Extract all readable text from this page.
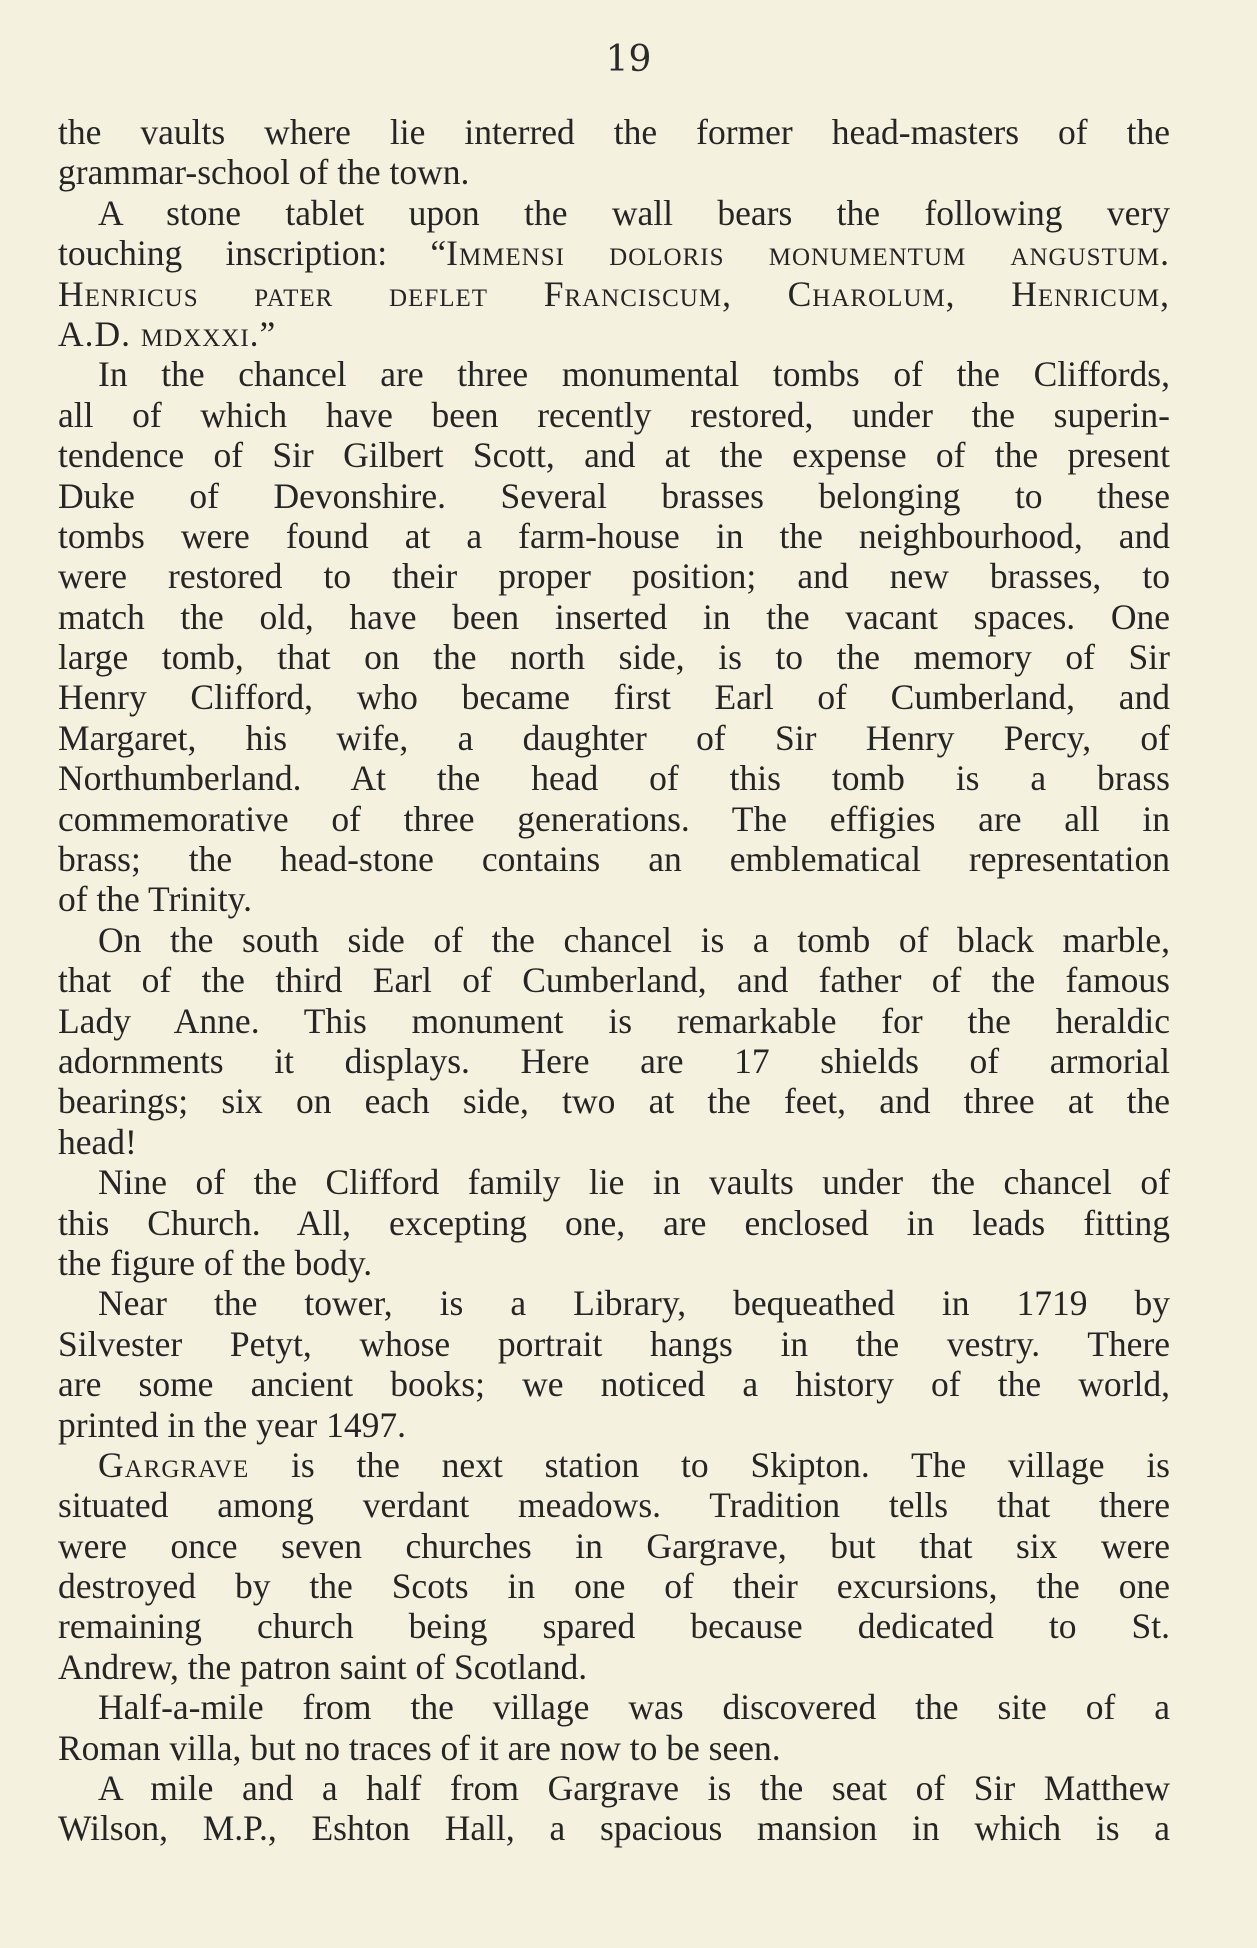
19
the vaults where lie interred the former head-masters of the
grammar-school of the town.
A stone tablet upon the wall bears the following very
touching inscription: “Immensi doloris monumentum angustum.
Henricus pater deflet Franciscum, Charolum, Henricum,
A.D. mdxxxi.”
In the chancel are three monumental tombs of the Cliffords,
all of which have been recently restored, under the superin-
tendence of Sir Gilbert Scott, and at the expense of the present
Duke of Devonshire. Several brasses belonging to these
tombs were found at a farm-house in the neighbourhood, and
were restored to their proper position; and new brasses, to
match the old, have been inserted in the vacant spaces. One
large tomb, that on the north side, is to the memory of Sir
Henry Clifford, who became first Earl of Cumberland, and
Margaret, his wife, a daughter of Sir Henry Percy, of
Northumberland. At the head of this tomb is a brass
commemorative of three generations. The effigies are all in
brass; the head-stone contains an emblematical representation
of the Trinity.
On the south side of the chancel is a tomb of black marble,
that of the third Earl of Cumberland, and father of the famous
Lady Anne. This monument is remarkable for the heraldic
adornments it displays. Here are 17 shields of armorial
bearings; six on each side, two at the feet, and three at the
head!
Nine of the Clifford family lie in vaults under the chancel of
this Church. All, excepting one, are enclosed in leads fitting
the figure of the body.
Near the tower, is a Library, bequeathed in 1719 by
Silvester Petyt, whose portrait hangs in the vestry. There
are some ancient books; we noticed a history of the world,
printed in the year 1497.
Gargrave is the next station to Skipton. The village is
situated among verdant meadows. Tradition tells that there
were once seven churches in Gargrave, but that six were
destroyed by the Scots in one of their excursions, the one
remaining church being spared because dedicated to St.
Andrew, the patron saint of Scotland.
Half-a-mile from the village was discovered the site of a
Roman villa, but no traces of it are now to be seen.
A mile and a half from Gargrave is the seat of Sir Matthew
Wilson, M.P., Eshton Hall, a spacious mansion in which is a
